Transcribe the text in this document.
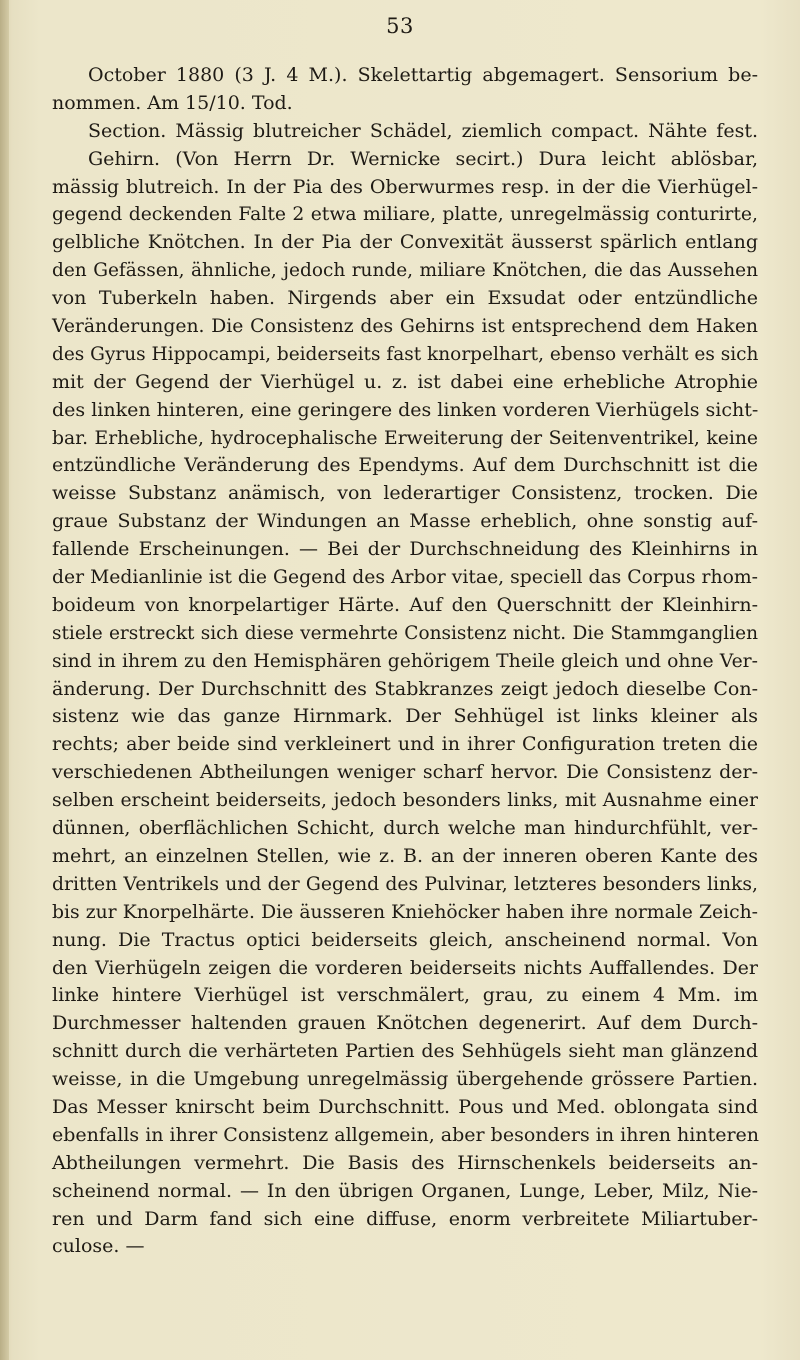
53
October 1880 (3 J. 4 M.). Skelettartig abgemagert. Sensorium be-
nommen. Am 15/10. Tod.
Section. Mässig blutreicher Schädel, ziemlich compact. Nähte fest.
Gehirn. (Von Herrn Dr. Wernicke secirt.) Dura leicht ablösbar,
mässig blutreich. In der Pia des Oberwurmes resp. in der die Vierhügel-
gegend deckenden Falte 2 etwa miliare, platte, unregelmässig conturirte,
gelbliche Knötchen. In der Pia der Convexität äusserst spärlich entlang
den Gefässen, ähnliche, jedoch runde, miliare Knötchen, die das Aussehen
von Tuberkeln haben. Nirgends aber ein Exsudat oder entzündliche
Veränderungen. Die Consistenz des Gehirns ist entsprechend dem Haken
des Gyrus Hippocampi, beiderseits fast knorpelhart, ebenso verhält es sich
mit der Gegend der Vierhügel u. z. ist dabei eine erhebliche Atrophie
des linken hinteren, eine geringere des linken vorderen Vierhügels sicht-
bar. Erhebliche, hydrocephalische Erweiterung der Seitenventrikel, keine
entzündliche Veränderung des Ependyms. Auf dem Durchschnitt ist die
weisse Substanz anämisch, von lederartiger Consistenz, trocken. Die
graue Substanz der Windungen an Masse erheblich, ohne sonstig auf-
fallende Erscheinungen. — Bei der Durchschneidung des Kleinhirns in
der Medianlinie ist die Gegend des Arbor vitae, speciell das Corpus rhom-
boideum von knorpelartiger Härte. Auf den Querschnitt der Kleinhirn-
stiele erstreckt sich diese vermehrte Consistenz nicht. Die Stammganglien
sind in ihrem zu den Hemisphären gehörigem Theile gleich und ohne Ver-
änderung. Der Durchschnitt des Stabkranzes zeigt jedoch dieselbe Con-
sistenz wie das ganze Hirnmark. Der Sehhügel ist links kleiner als
rechts; aber beide sind verkleinert und in ihrer Configuration treten die
verschiedenen Abtheilungen weniger scharf hervor. Die Consistenz der-
selben erscheint beiderseits, jedoch besonders links, mit Ausnahme einer
dünnen, oberflächlichen Schicht, durch welche man hindurchfühlt, ver-
mehrt, an einzelnen Stellen, wie z. B. an der inneren oberen Kante des
dritten Ventrikels und der Gegend des Pulvinar, letzteres besonders links,
bis zur Knorpelhärte. Die äusseren Kniehöcker haben ihre normale Zeich-
nung. Die Tractus optici beiderseits gleich, anscheinend normal. Von
den Vierhügeln zeigen die vorderen beiderseits nichts Auffallendes. Der
linke hintere Vierhügel ist verschmälert, grau, zu einem 4 Mm. im
Durchmesser haltenden grauen Knötchen degenerirt. Auf dem Durch-
schnitt durch die verhärteten Partien des Sehhügels sieht man glänzend
weisse, in die Umgebung unregelmässig übergehende grössere Partien.
Das Messer knirscht beim Durchschnitt. Pous und Med. oblongata sind
ebenfalls in ihrer Consistenz allgemein, aber besonders in ihren hinteren
Abtheilungen vermehrt. Die Basis des Hirnschenkels beiderseits an-
scheinend normal. — In den übrigen Organen, Lunge, Leber, Milz, Nie-
ren und Darm fand sich eine diffuse, enorm verbreitete Miliartuber-
culose. —
